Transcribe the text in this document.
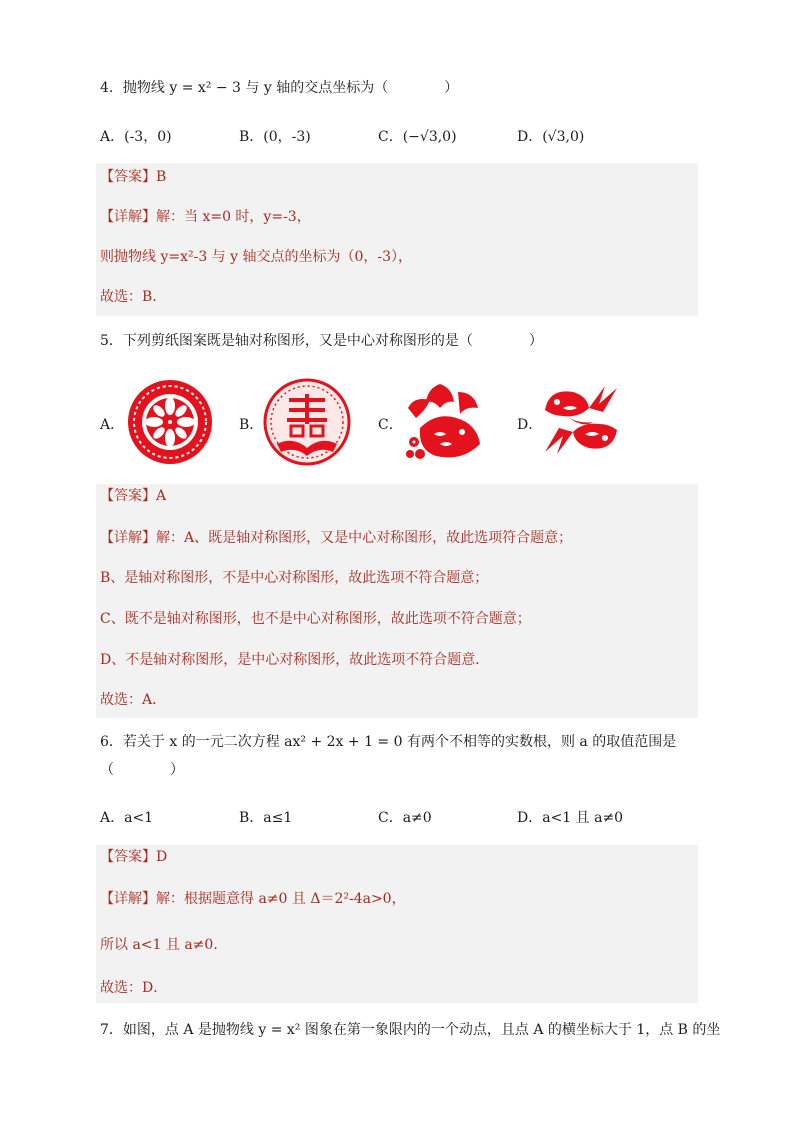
4．抛物线 y = x² − 3 与 y 轴的交点坐标为（　　　　）
A．(-3，0)	B．(0，-3)	C．(−√3,0)	D．(√3,0)
【答案】B
【详解】解：当 x=0 时，y=-3，
则抛物线 y=x²-3 与 y 轴交点的坐标为（0，-3），
故选：B．
5．下列剪纸图案既是轴对称图形，又是中心对称图形的是（　　　　）
A．	B．	C．	D．
【答案】A
【详解】解：A、既是轴对称图形，又是中心对称图形，故此选项符合题意；
B、是轴对称图形，不是中心对称图形，故此选项不符合题意；
C、既不是轴对称图形，也不是中心对称图形，故此选项不符合题意；
D、不是轴对称图形，是中心对称图形，故此选项不符合题意．
故选：A．
6．若关于 x 的一元二次方程 ax² + 2x + 1 = 0 有两个不相等的实数根，则 a 的取值范围是
（　　　　）
A．a<1	B．a≤1	C．a≠0	D．a<1 且 a≠0
【答案】D
【详解】解：根据题意得 a≠0 且 Δ＝2²-4a>0，
所以 a<1 且 a≠0.
故选：D．
7．如图，点 A 是抛物线 y = x² 图象在第一象限内的一个动点，且点 A 的横坐标大于 1，点 B 的坐
